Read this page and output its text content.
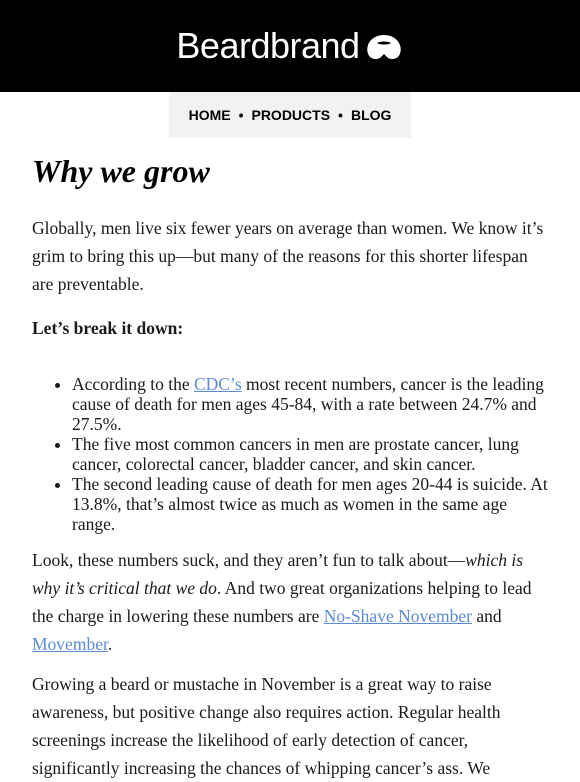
Beardbrand
HOME • PRODUCTS • BLOG
Why we grow

Globally, men live six fewer years on average than women. We know it’s grim to bring this up—but many of the reasons for this shorter lifespan are preventable.

Let’s break it down:

• According to the CDC’s most recent numbers, cancer is the leading cause of death for men ages 45-84, with a rate between 24.7% and 27.5%.
• The five most common cancers in men are prostate cancer, lung cancer, colorectal cancer, bladder cancer, and skin cancer.
• The second leading cause of death for men ages 20-44 is suicide. At 13.8%, that’s almost twice as much as women in the same age range.

Look, these numbers suck, and they aren’t fun to talk about—which is why it’s critical that we do. And two great organizations helping to lead the charge in lowering these numbers are No-Shave November and Movember.

Growing a beard or mustache in November is a great way to raise awareness, but positive change also requires action. Regular health screenings increase the likelihood of early detection of cancer, significantly increasing the chances of whipping cancer’s ass. We
